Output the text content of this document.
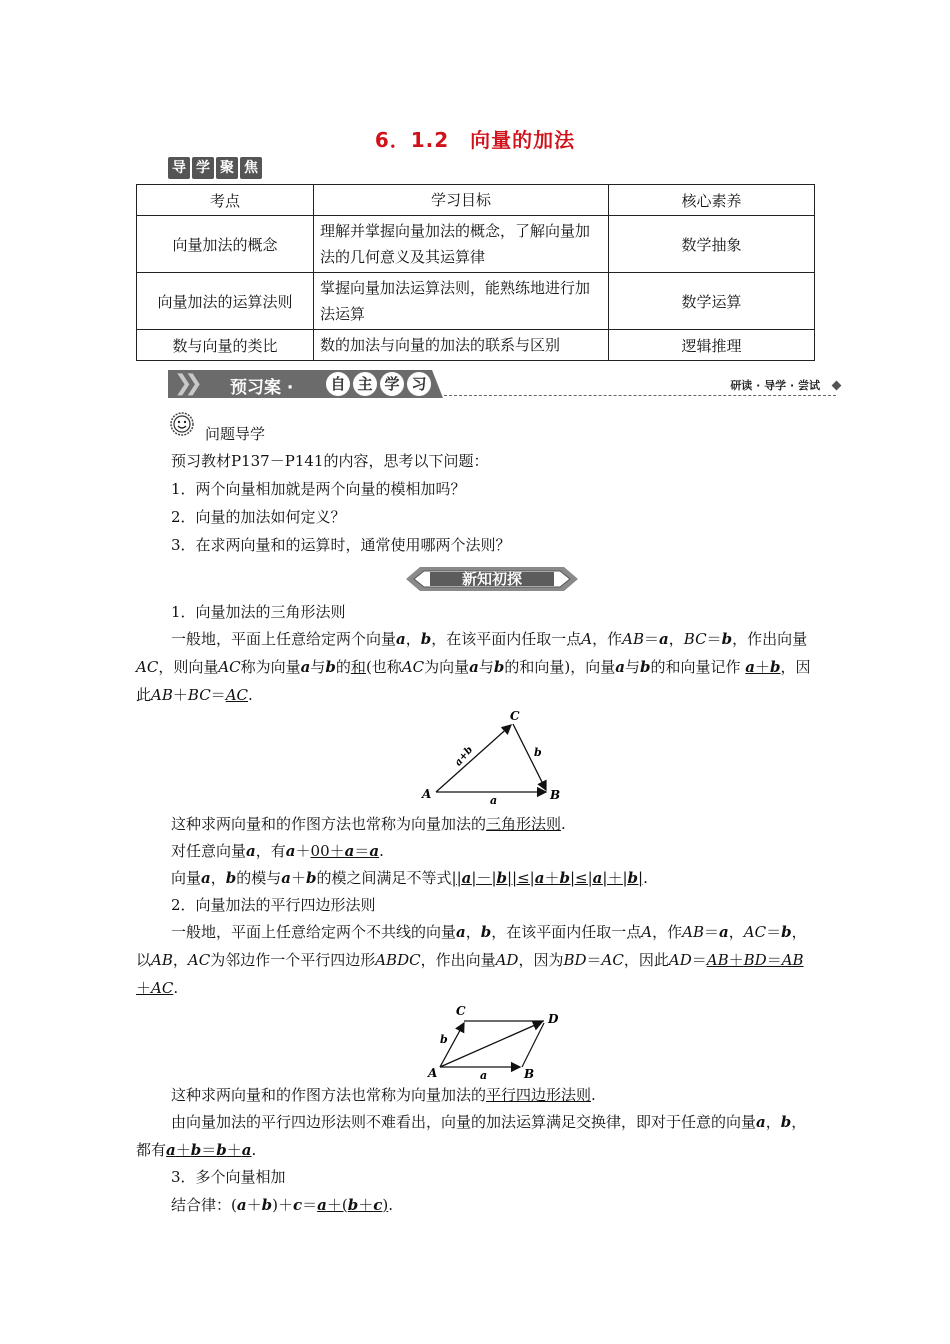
6．1.2　向量的加法
导 学 聚 焦
考点	学习目标	核心素养
向量加法的概念	理解并掌握向量加法的概念，了解向量加法的几何意义及其运算律	数学抽象
向量加法的运算法则	掌握向量加法运算法则，能熟练地进行加法运算	数学运算
数与向量的类比	数的加法与向量的加法的联系与区别	逻辑推理
❯❯ 预习案 · 自 主 学 习	研读 · 导学 · 尝试
问题导学
预习教材P137－P141的内容，思考以下问题：
1．两个向量相加就是两个向量的模相加吗？
2．向量的加法如何定义？
3．在求两向量和的运算时，通常使用哪两个法则？
新知初探
1．向量加法的三角形法则
一般地，平面上任意给定两个向量a，b，在该平面内任取一点A，作AB＝a，BC＝b，作出向量AC，则向量AC称为向量a与b的和(也称AC为向量a与b的和向量)，向量a与b的和向量记作 a＋b，因此AB＋BC＝AC.
A	B
C
a
b
a+b
这种求两向量和的作图方法也常称为向量加法的三角形法则.
对任意向量a，有a＋00＋a＝a.
向量a，b的模与a＋b的模之间满足不等式||a|－|b||≤|a＋b|≤|a|＋|b|.
2．向量加法的平行四边形法则
一般地，平面上任意给定两个不共线的向量a，b，在该平面内任取一点A，作AB＝a，AC＝b，以AB，AC为邻边作一个平行四边形ABDC，作出向量AD，因为BD＝AC，因此AD＝AB＋BD＝AB＋AC.
A	B
C
D
a
b
这种求两向量和的作图方法也常称为向量加法的平行四边形法则.
由向量加法的平行四边形法则不难看出，向量的加法运算满足交换律，即对于任意的向量a，b，都有a＋b＝b＋a.
3．多个向量相加
结合律：(a＋b)＋c＝a＋(b＋c).
